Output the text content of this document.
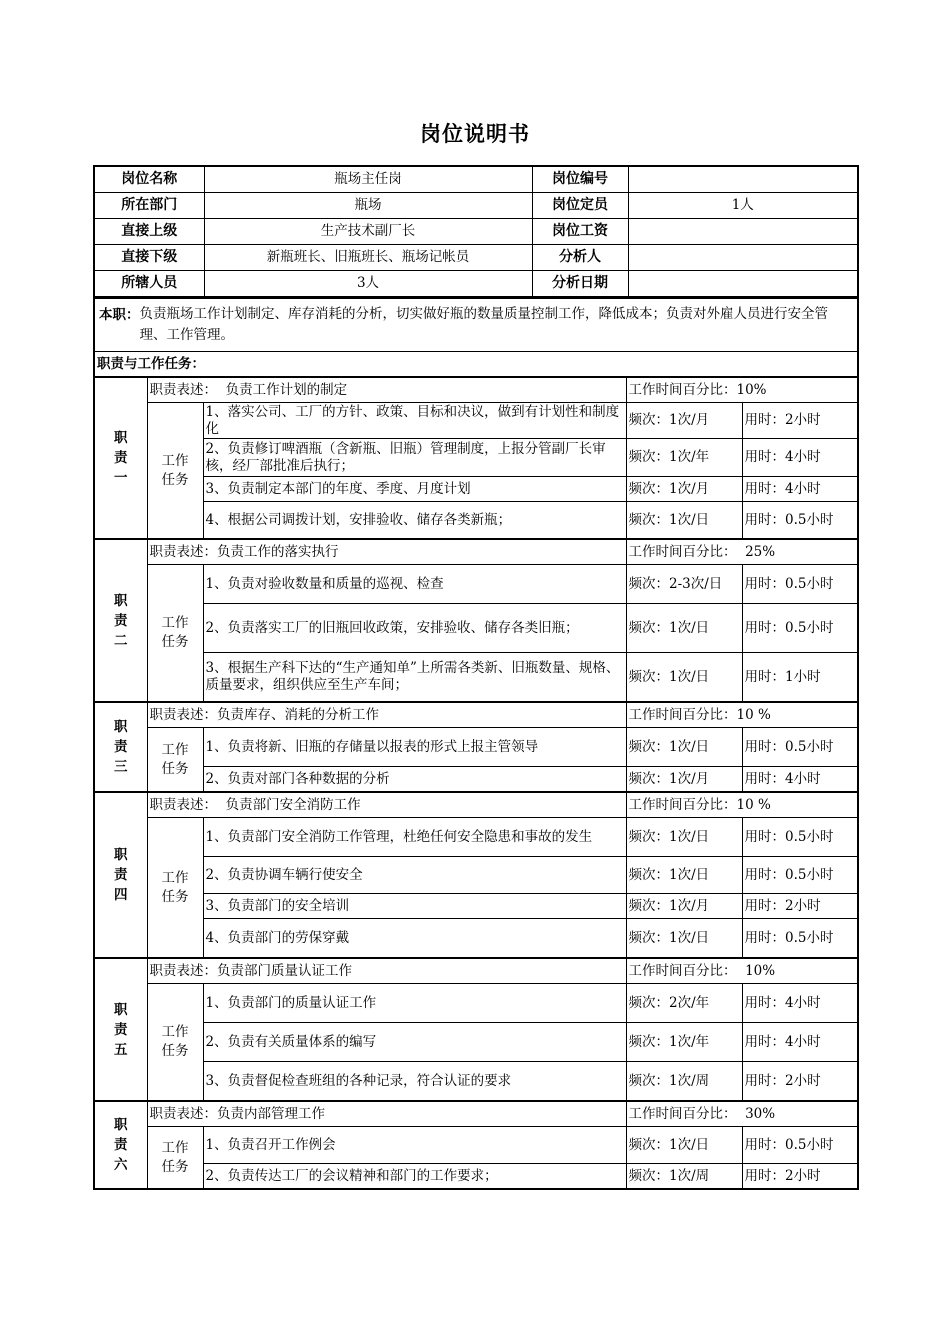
岗位说明书
岗位名称	瓶场主任岗	岗位编号	
所在部门	瓶场	岗位定员	1人
直接上级	生产技术副厂长	岗位工资	
直接下级	新瓶班长、旧瓶班长、瓶场记帐员	分析人	
所辖人员	3人	分析日期	
本职： 负责瓶场工作计划制定、库存消耗的分析，切实做好瓶的数量质量控制工作，降低成本；负责对外雇人员进行安全管理、工作管理。				

职责与工作任务：				
职责一	职责表述：  负责工作计划的制定		工作时间百分比：10%	
	工作任务	1、落实公司、工厂的方针、政策、目标和决议，做到有计划性和制度化	频次：1次/月	用时：2小时
		2、负责修订啤酒瓶（含新瓶、旧瓶）管理制度，上报分管副厂长审核，经厂部批准后执行；	频次：1次/年	用时：4小时
		3、负责制定本部门的年度、季度、月度计划	频次：1次/月	用时：4小时
		4、根据公司调拨计划，安排验收、储存各类新瓶；	频次：1次/日	用时：0.5小时
职责二	职责表述：负责工作的落实执行		工作时间百分比：  25%	
	工作任务	1、负责对验收数量和质量的巡视、检查	频次：2-3次/日	用时：0.5小时
		2、负责落实工厂的旧瓶回收政策，安排验收、储存各类旧瓶；	频次：1次/日	用时：0.5小时
		3、根据生产科下达的“生产通知单”上所需各类新、旧瓶数量、规格、质量要求，组织供应至生产车间；	频次：1次/日	用时：1小时
职责三	职责表述：负责库存、消耗的分析工作		工作时间百分比：10 %	
	工作任务	1、负责将新、旧瓶的存储量以报表的形式上报主管领导	频次：1次/日	用时：0.5小时
		2、负责对部门各种数据的分析	频次：1次/月	用时：4小时
职责四	职责表述：  负责部门安全消防工作		工作时间百分比：10 %	
	工作任务	1、负责部门安全消防工作管理，杜绝任何安全隐患和事故的发生	频次：1次/日	用时：0.5小时
		2、负责协调车辆行使安全	频次：1次/日	用时：0.5小时
		3、负责部门的安全培训	频次：1次/月	用时：2小时
		4、负责部门的劳保穿戴	频次：1次/日	用时：0.5小时
职责五	职责表述：负责部门质量认证工作		工作时间百分比：  10%	
	工作任务	1、负责部门的质量认证工作	频次：2次/年	用时：4小时
		2、负责有关质量体系的编写	频次：1次/年	用时：4小时
		3、负责督促检查班组的各种记录，符合认证的要求	频次：1次/周	用时：2小时
职责六	职责表述：负责内部管理工作		工作时间百分比：  30%	
	工作任务	1、负责召开工作例会	频次：1次/日	用时：0.5小时
		2、负责传达工厂的会议精神和部门的工作要求；	频次：1次/周	用时：2小时
